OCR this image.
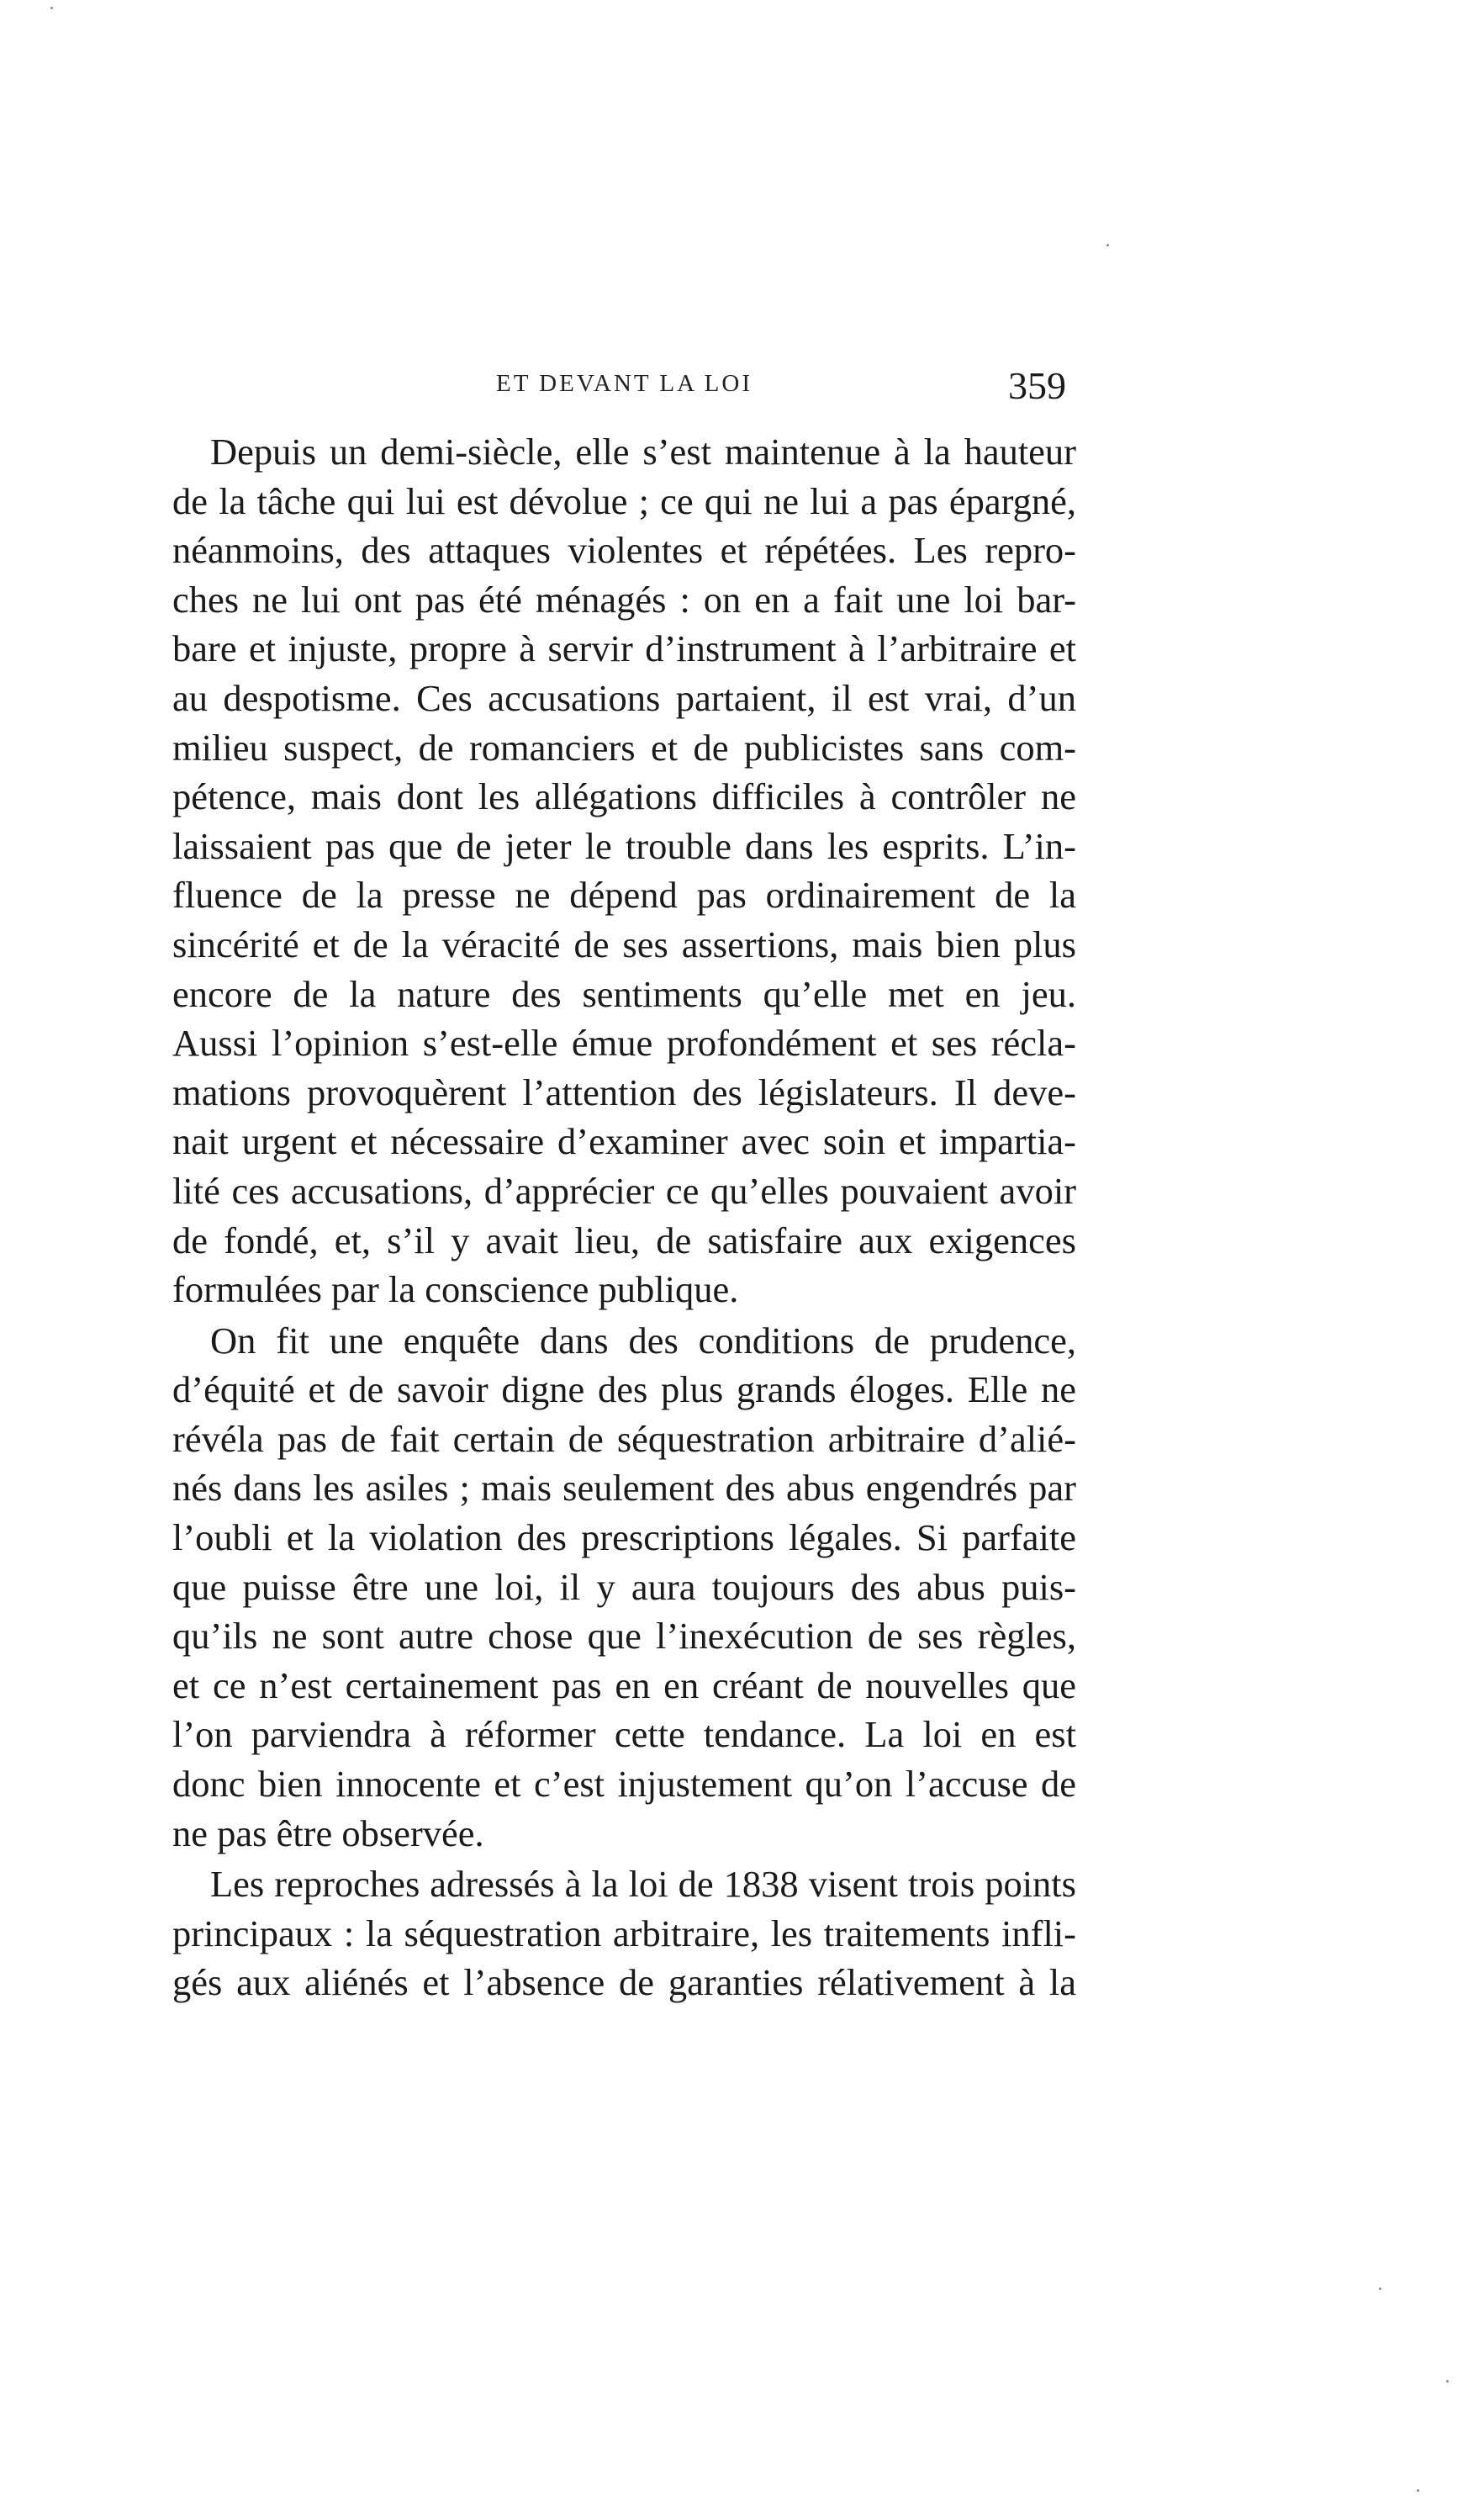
ET DEVANT LA LOI	359
Depuis un demi-siècle, elle s’est maintenue à la hauteur
de la tâche qui lui est dévolue ; ce qui ne lui a pas épargné,
néanmoins, des attaques violentes et répétées. Les repro-
ches ne lui ont pas été ménagés : on en a fait une loi bar-
bare et injuste, propre à servir d’instrument à l’arbitraire et
au despotisme. Ces accusations partaient, il est vrai, d’un
milieu suspect, de romanciers et de publicistes sans com-
pétence, mais dont les allégations difficiles à contrôler ne
laissaient pas que de jeter le trouble dans les esprits. L’in-
fluence de la presse ne dépend pas ordinairement de la
sincérité et de la véracité de ses assertions, mais bien plus
encore de la nature des sentiments qu’elle met en jeu.
Aussi l’opinion s’est-elle émue profondément et ses récla-
mations provoquèrent l’attention des législateurs. Il deve-
nait urgent et nécessaire d’examiner avec soin et impartia-
lité ces accusations, d’apprécier ce qu’elles pouvaient avoir
de fondé, et, s’il y avait lieu, de satisfaire aux exigences
formulées par la conscience publique.
On fit une enquête dans des conditions de prudence,
d’équité et de savoir digne des plus grands éloges. Elle ne
révéla pas de fait certain de séquestration arbitraire d’alié-
nés dans les asiles ; mais seulement des abus engendrés par
l’oubli et la violation des prescriptions légales. Si parfaite
que puisse être une loi, il y aura toujours des abus puis-
qu’ils ne sont autre chose que l’inexécution de ses règles,
et ce n’est certainement pas en en créant de nouvelles que
l’on parviendra à réformer cette tendance. La loi en est
donc bien innocente et c’est injustement qu’on l’accuse de
ne pas être observée.
Les reproches adressés à la loi de 1838 visent trois points
principaux : la séquestration arbitraire, les traitements infli-
gés aux aliénés et l’absence de garanties rélativement à la
